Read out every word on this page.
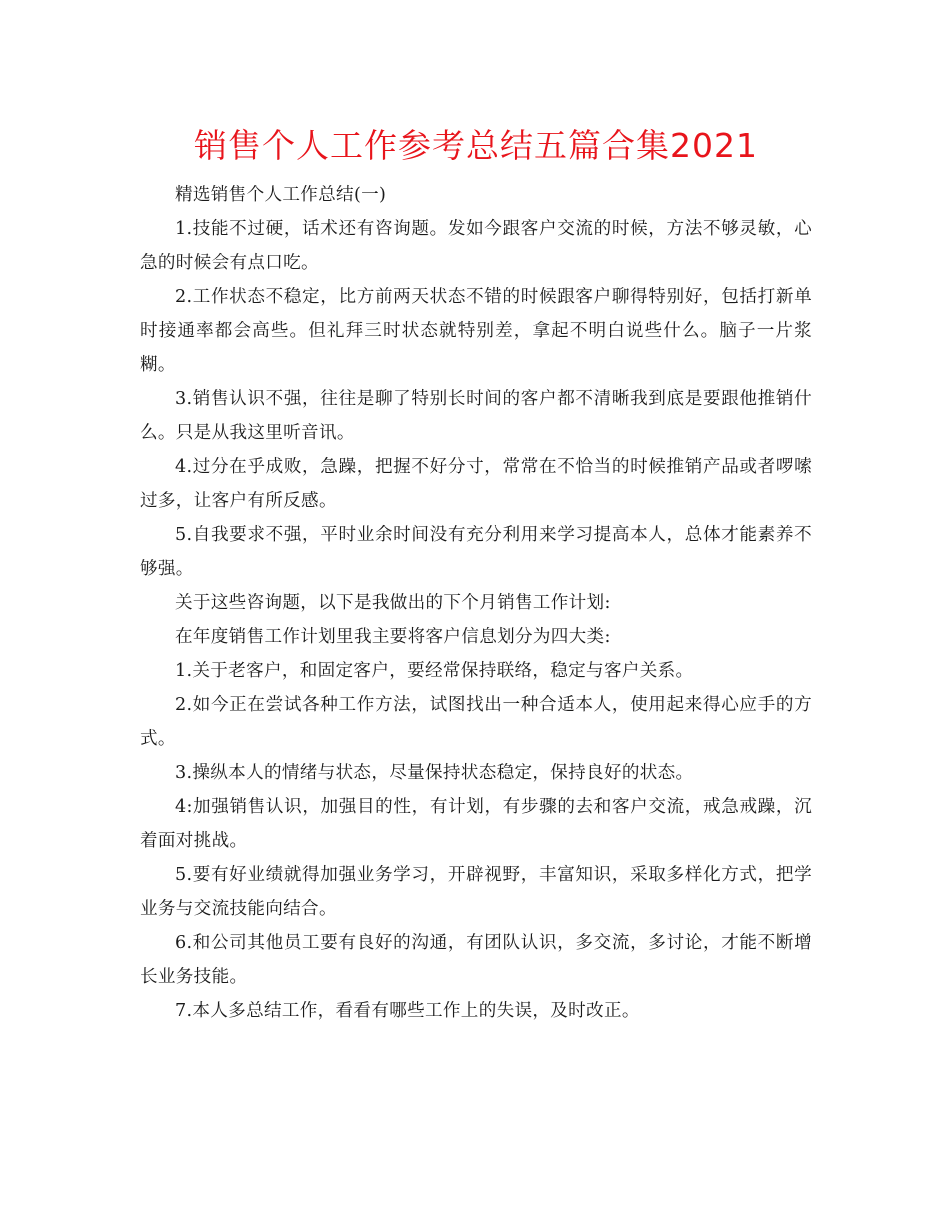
销售个人工作参考总结五篇合集2021

精选销售个人工作总结(一)

1.技能不过硬，话术还有咨询题。发如今跟客户交流的时候，方法不够灵敏，心急的时候会有点口吃。

2.工作状态不稳定，比方前两天状态不错的时候跟客户聊得特别好，包括打新单时接通率都会高些。但礼拜三时状态就特别差，拿起不明白说些什么。脑子一片浆糊。

3.销售认识不强，往往是聊了特别长时间的客户都不清晰我到底是要跟他推销什么。只是从我这里听音讯。

4.过分在乎成败，急躁，把握不好分寸，常常在不恰当的时候推销产品或者啰嗦过多，让客户有所反感。

5.自我要求不强，平时业余时间没有充分利用来学习提高本人，总体才能素养不够强。

关于这些咨询题，以下是我做出的下个月销售工作计划:

在年度销售工作计划里我主要将客户信息划分为四大类:

1.关于老客户，和固定客户，要经常保持联络，稳定与客户关系。

2.如今正在尝试各种工作方法，试图找出一种合适本人，使用起来得心应手的方式。

3.操纵本人的情绪与状态，尽量保持状态稳定，保持良好的状态。

4:加强销售认识，加强目的性，有计划，有步骤的去和客户交流，戒急戒躁，沉着面对挑战。

5.要有好业绩就得加强业务学习，开辟视野，丰富知识，采取多样化方式，把学业务与交流技能向结合。

6.和公司其他员工要有良好的沟通，有团队认识，多交流，多讨论，才能不断增长业务技能。

7.本人多总结工作，看看有哪些工作上的失误，及时改正。
